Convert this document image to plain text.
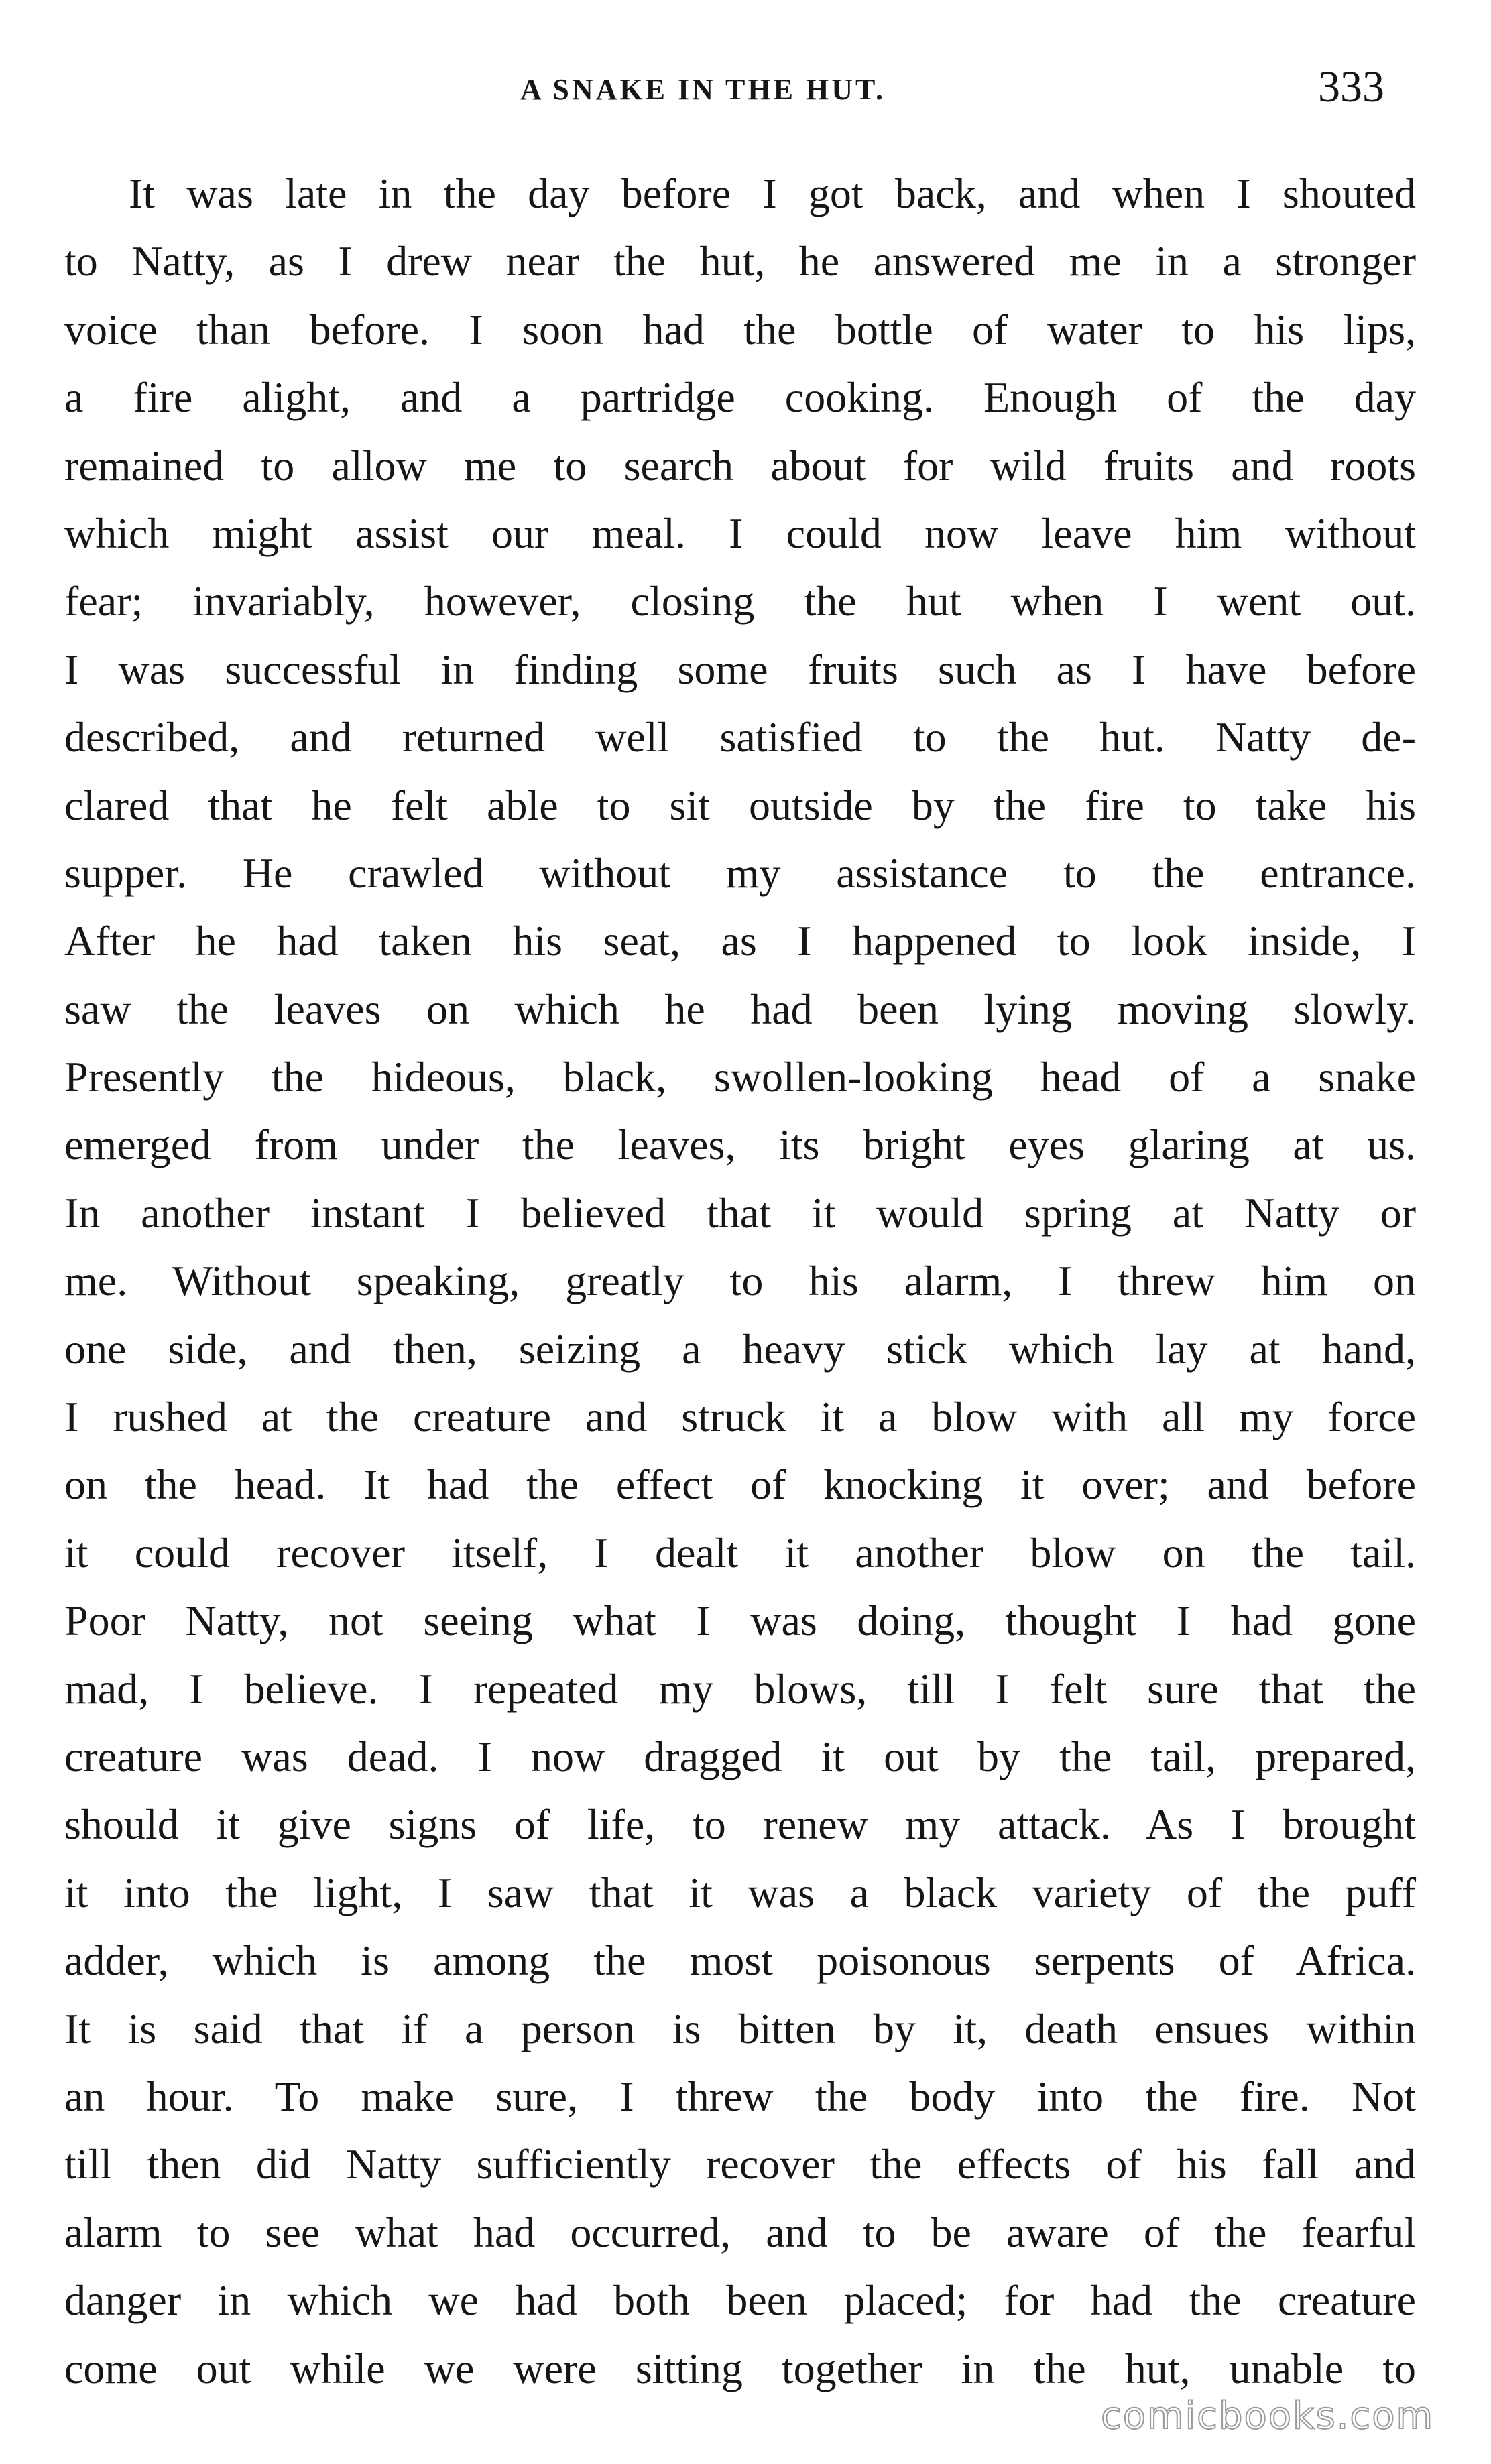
A SNAKE IN THE HUT.	333
It was late in the day before I got back, and when I shouted
to Natty, as I drew near the hut, he answered me in a stronger
voice than before. I soon had the bottle of water to his lips,
a fire alight, and a partridge cooking. Enough of the day
remained to allow me to search about for wild fruits and roots
which might assist our meal. I could now leave him without
fear; invariably, however, closing the hut when I went out.
I was successful in finding some fruits such as I have before
described, and returned well satisfied to the hut. Natty de-
clared that he felt able to sit outside by the fire to take his
supper. He crawled without my assistance to the entrance.
After he had taken his seat, as I happened to look inside, I
saw the leaves on which he had been lying moving slowly.
Presently the hideous, black, swollen-looking head of a snake
emerged from under the leaves, its bright eyes glaring at us.
In another instant I believed that it would spring at Natty or
me. Without speaking, greatly to his alarm, I threw him on
one side, and then, seizing a heavy stick which lay at hand,
I rushed at the creature and struck it a blow with all my force
on the head. It had the effect of knocking it over; and before
it could recover itself, I dealt it another blow on the tail.
Poor Natty, not seeing what I was doing, thought I had gone
mad, I believe. I repeated my blows, till I felt sure that the
creature was dead. I now dragged it out by the tail, prepared,
should it give signs of life, to renew my attack. As I brought
it into the light, I saw that it was a black variety of the puff
adder, which is among the most poisonous serpents of Africa.
It is said that if a person is bitten by it, death ensues within
an hour. To make sure, I threw the body into the fire. Not
till then did Natty sufficiently recover the effects of his fall and
alarm to see what had occurred, and to be aware of the fearful
danger in which we had both been placed; for had the creature
come out while we were sitting together in the hut, unable to
comicbooks.com
